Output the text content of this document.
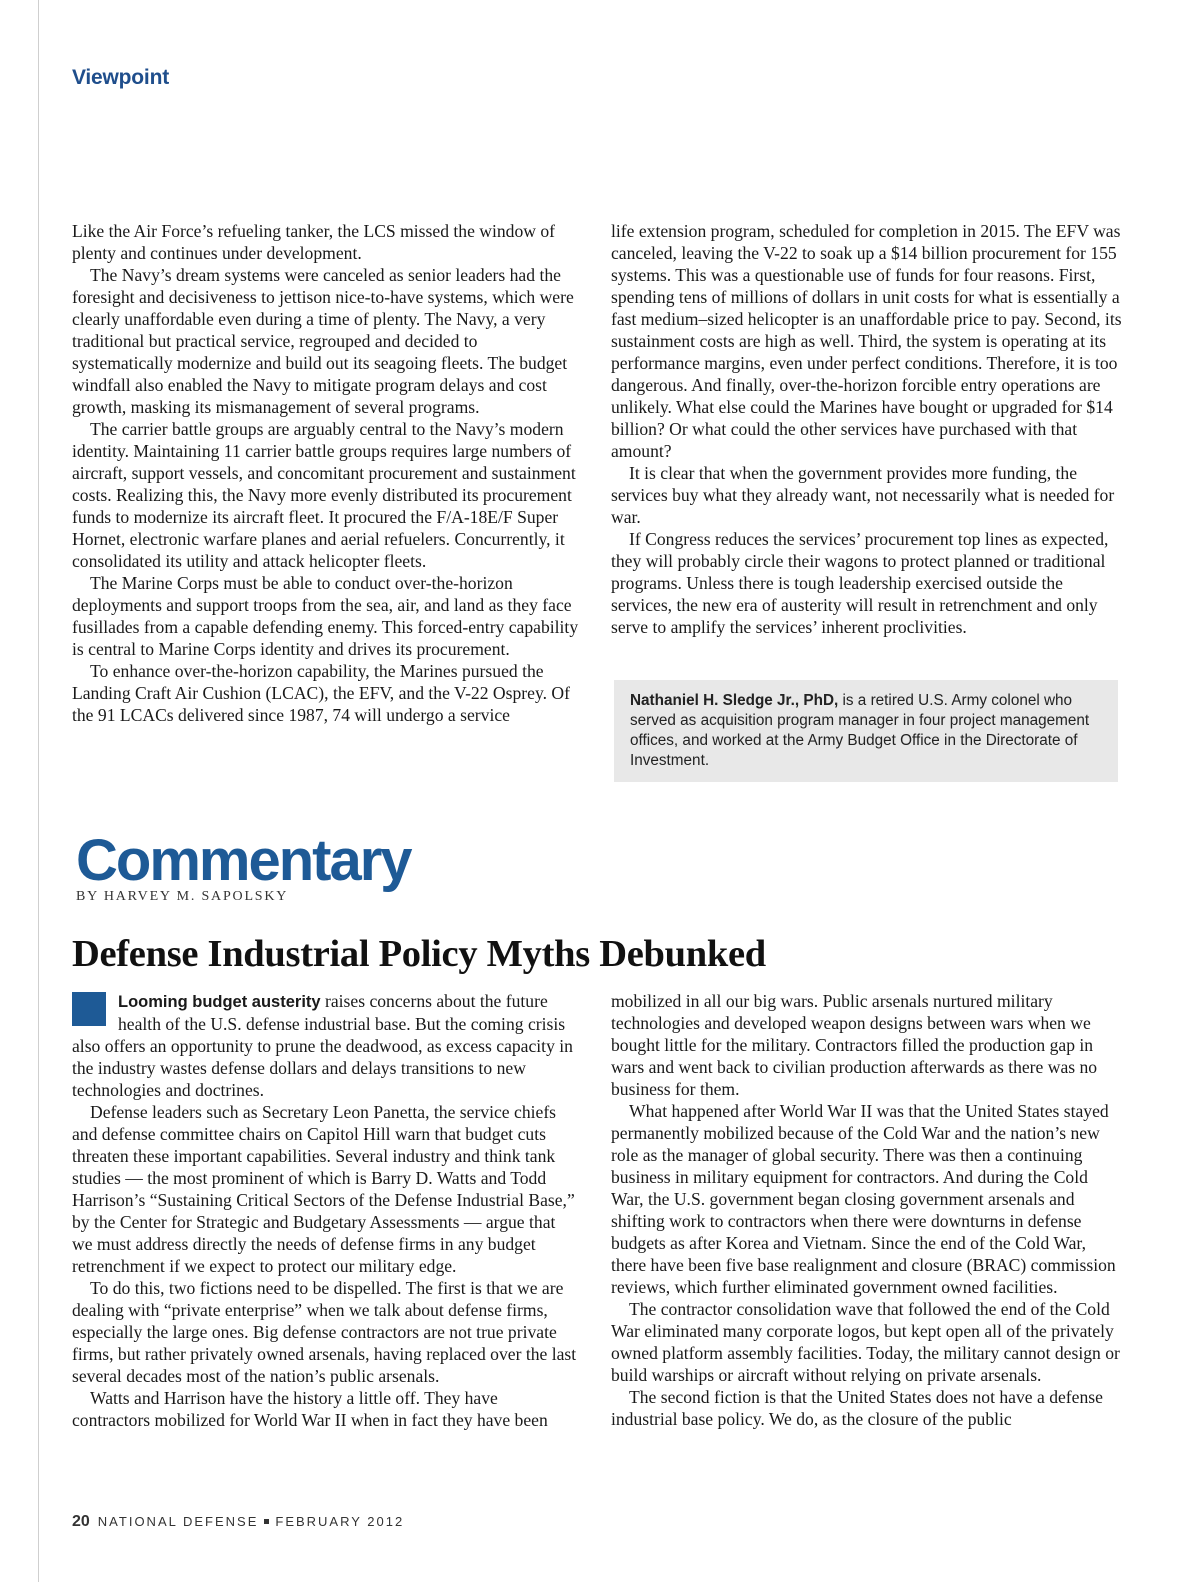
Viewpoint

Like the Air Force’s refueling tanker, the LCS missed the window of plenty and continues under development.

The Navy’s dream systems were canceled as senior leaders had the foresight and decisiveness to jettison nice-to-have systems, which were clearly unaffordable even during a time of plenty. The Navy, a very traditional but practical service, regrouped and decided to systematically modernize and build out its seagoing fleets. The budget windfall also enabled the Navy to mitigate program delays and cost growth, masking its mismanagement of several programs.

The carrier battle groups are arguably central to the Navy’s modern identity. Maintaining 11 carrier battle groups requires large numbers of aircraft, support vessels, and concomitant procurement and sustainment costs. Realizing this, the Navy more evenly distributed its procurement funds to modernize its aircraft fleet. It procured the F/A-18E/F Super Hornet, electronic warfare planes and aerial refuelers. Concurrently, it consolidated its utility and attack helicopter fleets.

The Marine Corps must be able to conduct over-the-horizon deployments and support troops from the sea, air, and land as they face fusillades from a capable defending enemy. This forced-entry capability is central to Marine Corps identity and drives its procurement.

To enhance over-the-horizon capability, the Marines pursued the Landing Craft Air Cushion (LCAC), the EFV, and the V-22 Osprey. Of the 91 LCACs delivered since 1987, 74 will undergo a service

life extension program, scheduled for completion in 2015. The EFV was canceled, leaving the V-22 to soak up a $14 billion procurement for 155 systems. This was a questionable use of funds for four reasons. First, spending tens of millions of dollars in unit costs for what is essentially a fast medium–sized helicopter is an unaffordable price to pay. Second, its sustainment costs are high as well. Third, the system is operating at its performance margins, even under perfect conditions. Therefore, it is too dangerous. And finally, over-the-horizon forcible entry operations are unlikely. What else could the Marines have bought or upgraded for $14 billion? Or what could the other services have purchased with that amount?

It is clear that when the government provides more funding, the services buy what they already want, not necessarily what is needed for war.

If Congress reduces the services’ procurement top lines as expected, they will probably circle their wagons to protect planned or traditional programs. Unless there is tough leadership exercised outside the services, the new era of austerity will result in retrenchment and only serve to amplify the services’ inherent proclivities.

Nathaniel H. Sledge Jr., PhD, is a retired U.S. Army colonel who served as acquisition program manager in four project management offices, and worked at the Army Budget Office in the Directorate of Investment.
Commentary
BY HARVEY M. SAPOLSKY
Defense Industrial Policy Myths Debunked

Looming budget austerity raises concerns about the future health of the U.S. defense industrial base. But the coming crisis also offers an opportunity to prune the deadwood, as excess capacity in the industry wastes defense dollars and delays transitions to new technologies and doctrines.

Defense leaders such as Secretary Leon Panetta, the service chiefs and defense committee chairs on Capitol Hill warn that budget cuts threaten these important capabilities. Several industry and think tank studies — the most prominent of which is Barry D. Watts and Todd Harrison’s “Sustaining Critical Sectors of the Defense Industrial Base,” by the Center for Strategic and Budgetary Assessments — argue that we must address directly the needs of defense firms in any budget retrenchment if we expect to protect our military edge.

To do this, two fictions need to be dispelled. The first is that we are dealing with “private enterprise” when we talk about defense firms, especially the large ones. Big defense contractors are not true private firms, but rather privately owned arsenals, having replaced over the last several decades most of the nation’s public arsenals.

Watts and Harrison have the history a little off. They have contractors mobilized for World War II when in fact they have been

mobilized in all our big wars. Public arsenals nurtured military technologies and developed weapon designs between wars when we bought little for the military. Contractors filled the production gap in wars and went back to civilian production afterwards as there was no business for them.

What happened after World War II was that the United States stayed permanently mobilized because of the Cold War and the nation’s new role as the manager of global security. There was then a continuing business in military equipment for contractors. And during the Cold War, the U.S. government began closing government arsenals and shifting work to contractors when there were downturns in defense budgets as after Korea and Vietnam. Since the end of the Cold War, there have been five base realignment and closure (BRAC) commission reviews, which further eliminated government owned facilities.

The contractor consolidation wave that followed the end of the Cold War eliminated many corporate logos, but kept open all of the privately owned platform assembly facilities. Today, the military cannot design or build warships or aircraft without relying on private arsenals.

The second fiction is that the United States does not have a defense industrial base policy. We do, as the closure of the public

20 NATIONAL DEFENSE FEBRUARY 2012
